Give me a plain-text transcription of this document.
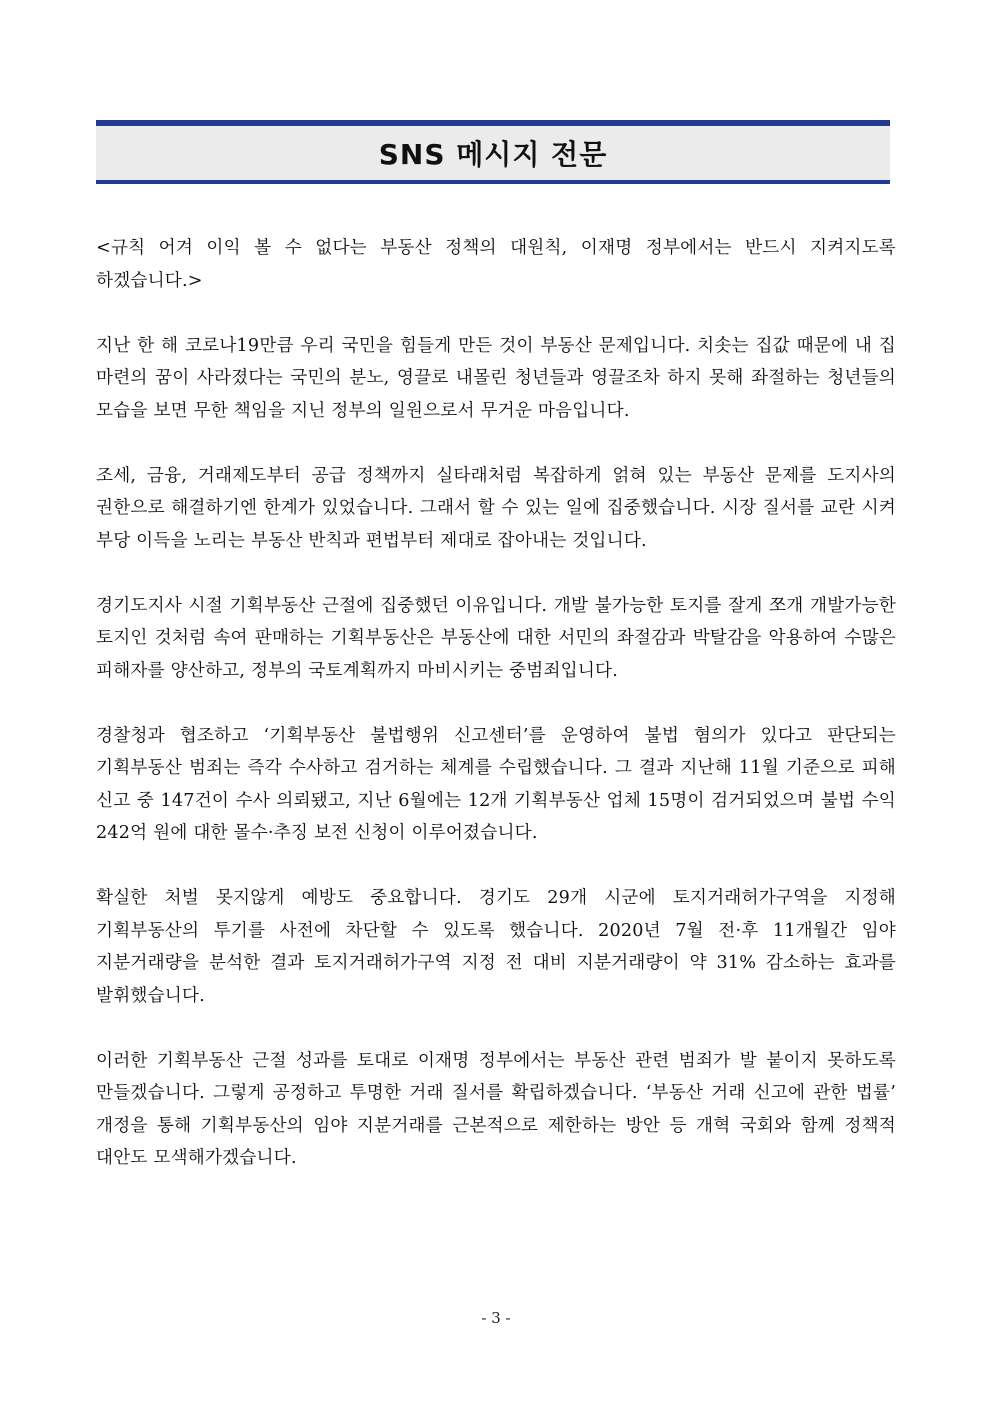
SNS 메시지 전문

<규칙 어겨 이익 볼 수 없다는 부동산 정책의 대원칙, 이재명 정부에서는 반드시 지켜지도록 하겠습니다.>

지난 한 해 코로나19만큼 우리 국민을 힘들게 만든 것이 부동산 문제입니다. 치솟는 집값 때문에 내 집 마련의 꿈이 사라졌다는 국민의 분노, 영끌로 내몰린 청년들과 영끌조차 하지 못해 좌절하는 청년들의 모습을 보면 무한 책임을 지닌 정부의 일원으로서 무거운 마음입니다.

조세, 금융, 거래제도부터 공급 정책까지 실타래처럼 복잡하게 얽혀 있는 부동산 문제를 도지사의 권한으로 해결하기엔 한계가 있었습니다. 그래서 할 수 있는 일에 집중했습니다. 시장 질서를 교란 시켜 부당 이득을 노리는 부동산 반칙과 편법부터 제대로 잡아내는 것입니다.

경기도지사 시절 기획부동산 근절에 집중했던 이유입니다. 개발 불가능한 토지를 잘게 쪼개 개발가능한 토지인 것처럼 속여 판매하는 기획부동산은 부동산에 대한 서민의 좌절감과 박탈감을 악용하여 수많은 피해자를 양산하고, 정부의 국토계획까지 마비시키는 중범죄입니다.

경찰청과 협조하고 ‘기획부동산 불법행위 신고센터’를 운영하여 불법 혐의가 있다고 판단되는 기획부동산 범죄는 즉각 수사하고 검거하는 체계를 수립했습니다. 그 결과 지난해 11월 기준으로 피해 신고 중 147건이 수사 의뢰됐고, 지난 6월에는 12개 기획부동산 업체 15명이 검거되었으며 불법 수익 242억 원에 대한 몰수·추징 보전 신청이 이루어졌습니다.

확실한 처벌 못지않게 예방도 중요합니다. 경기도 29개 시군에 토지거래허가구역을 지정해 기획부동산의 투기를 사전에 차단할 수 있도록 했습니다. 2020년 7월 전·후 11개월간 임야 지분거래량을 분석한 결과 토지거래허가구역 지정 전 대비 지분거래량이 약 31% 감소하는 효과를 발휘했습니다.

이러한 기획부동산 근절 성과를 토대로 이재명 정부에서는 부동산 관련 범죄가 발 붙이지 못하도록 만들겠습니다. 그렇게 공정하고 투명한 거래 질서를 확립하겠습니다. ‘부동산 거래 신고에 관한 법률’ 개정을 통해 기획부동산의 임야 지분거래를 근본적으로 제한하는 방안 등 개혁 국회와 함께 정책적 대안도 모색해가겠습니다.

- 3 -
